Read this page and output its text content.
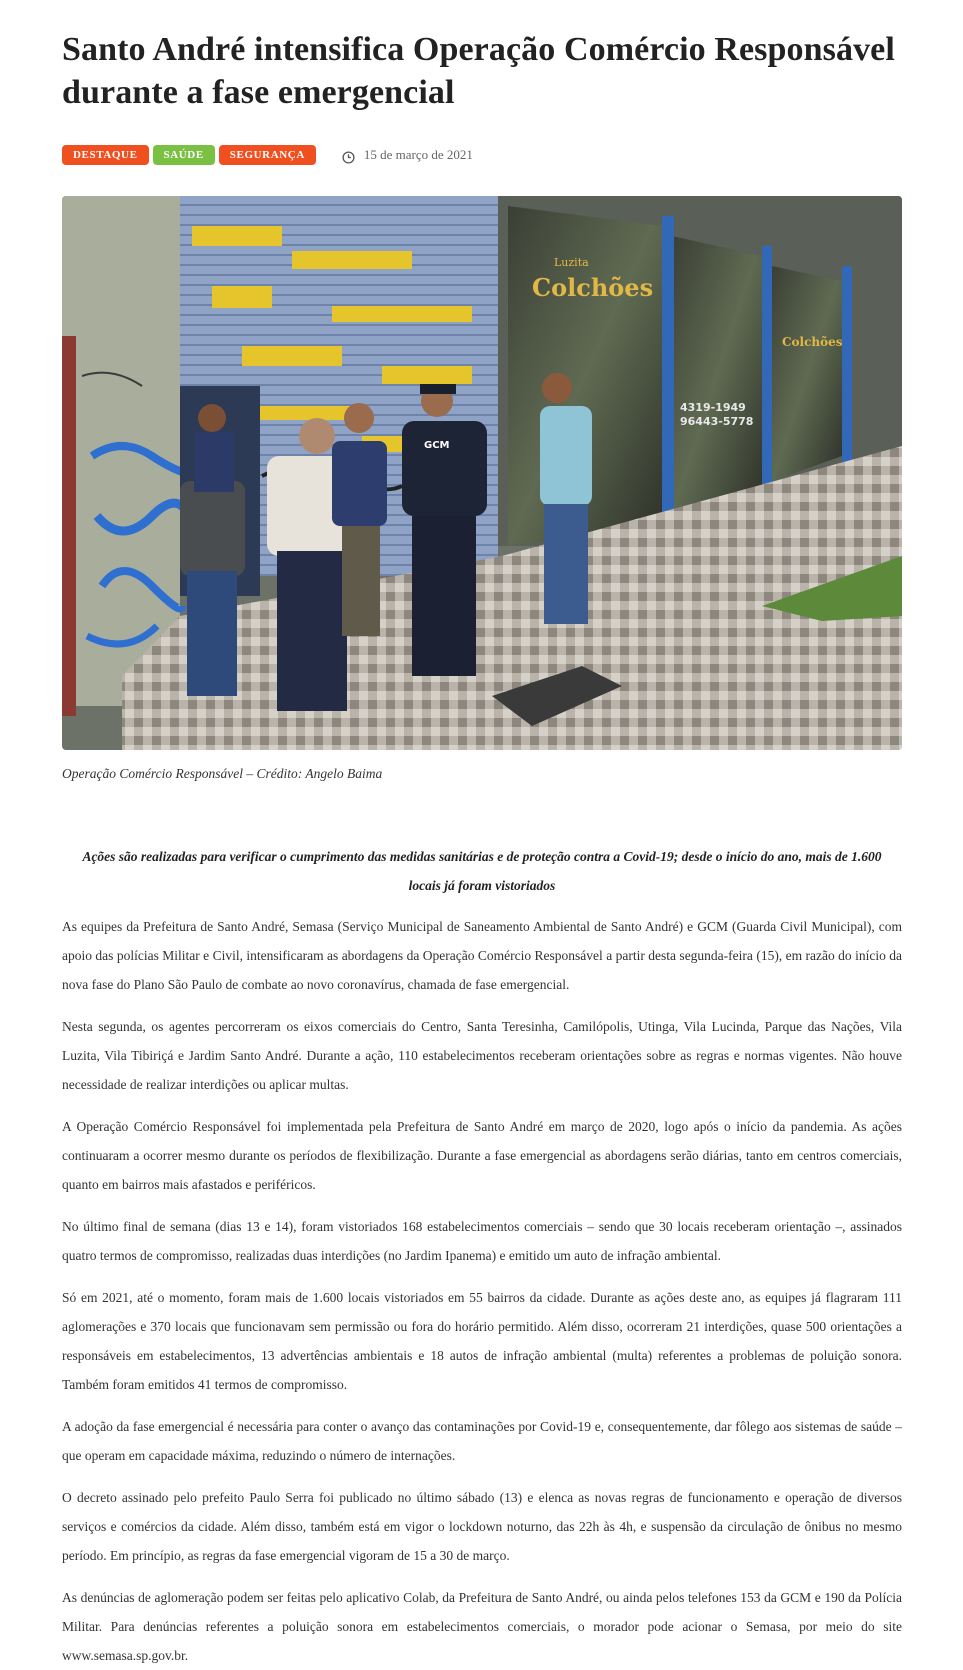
Santo André intensifica Operação Comércio Responsável durante a fase emergencial
DESTAQUE	SAÚDE	SEGURANÇA	15 de março de 2021
Luzita
Colchões
Colchões
4319-1949
96443-5778
GCM
Operação Comércio Responsável – Crédito: Angelo Baima

Ações são realizadas para verificar o cumprimento das medidas sanitárias e de proteção contra a Covid-19; desde o início do ano, mais de 1.600 locais já foram vistoriados

As equipes da Prefeitura de Santo André, Semasa (Serviço Municipal de Saneamento Ambiental de Santo André) e GCM (Guarda Civil Municipal), com apoio das polícias Militar e Civil, intensificaram as abordagens da Operação Comércio Responsável a partir desta segunda-feira (15), em razão do início da nova fase do Plano São Paulo de combate ao novo coronavírus, chamada de fase emergencial.

Nesta segunda, os agentes percorreram os eixos comerciais do Centro, Santa Teresinha, Camilópolis, Utinga, Vila Lucinda, Parque das Nações, Vila Luzita, Vila Tibiriçá e Jardim Santo André. Durante a ação, 110 estabelecimentos receberam orientações sobre as regras e normas vigentes. Não houve necessidade de realizar interdições ou aplicar multas.

A Operação Comércio Responsável foi implementada pela Prefeitura de Santo André em março de 2020, logo após o início da pandemia. As ações continuaram a ocorrer mesmo durante os períodos de flexibilização. Durante a fase emergencial as abordagens serão diárias, tanto em centros comerciais, quanto em bairros mais afastados e periféricos.

No último final de semana (dias 13 e 14), foram vistoriados 168 estabelecimentos comerciais – sendo que 30 locais receberam orientação –, assinados quatro termos de compromisso, realizadas duas interdições (no Jardim Ipanema) e emitido um auto de infração ambiental.

Só em 2021, até o momento, foram mais de 1.600 locais vistoriados em 55 bairros da cidade. Durante as ações deste ano, as equipes já flagraram 111 aglomerações e 370 locais que funcionavam sem permissão ou fora do horário permitido. Além disso, ocorreram 21 interdições, quase 500 orientações a responsáveis em estabelecimentos, 13 advertências ambientais e 18 autos de infração ambiental (multa) referentes a problemas de poluição sonora. Também foram emitidos 41 termos de compromisso.

A adoção da fase emergencial é necessária para conter o avanço das contaminações por Covid-19 e, consequentemente, dar fôlego aos sistemas de saúde – que operam em capacidade máxima, reduzindo o número de internações.

O decreto assinado pelo prefeito Paulo Serra foi publicado no último sábado (13) e elenca as novas regras de funcionamento e operação de diversos serviços e comércios da cidade. Além disso, também está em vigor o lockdown noturno, das 22h às 4h, e suspensão da circulação de ônibus no mesmo período. Em princípio, as regras da fase emergencial vigoram de 15 a 30 de março.

As denúncias de aglomeração podem ser feitas pelo aplicativo Colab, da Prefeitura de Santo André, ou ainda pelos telefones 153 da GCM e 190 da Polícia Militar. Para denúncias referentes a poluição sonora em estabelecimentos comerciais, o morador pode acionar o Semasa, por meio do site www.semasa.sp.gov.br.
